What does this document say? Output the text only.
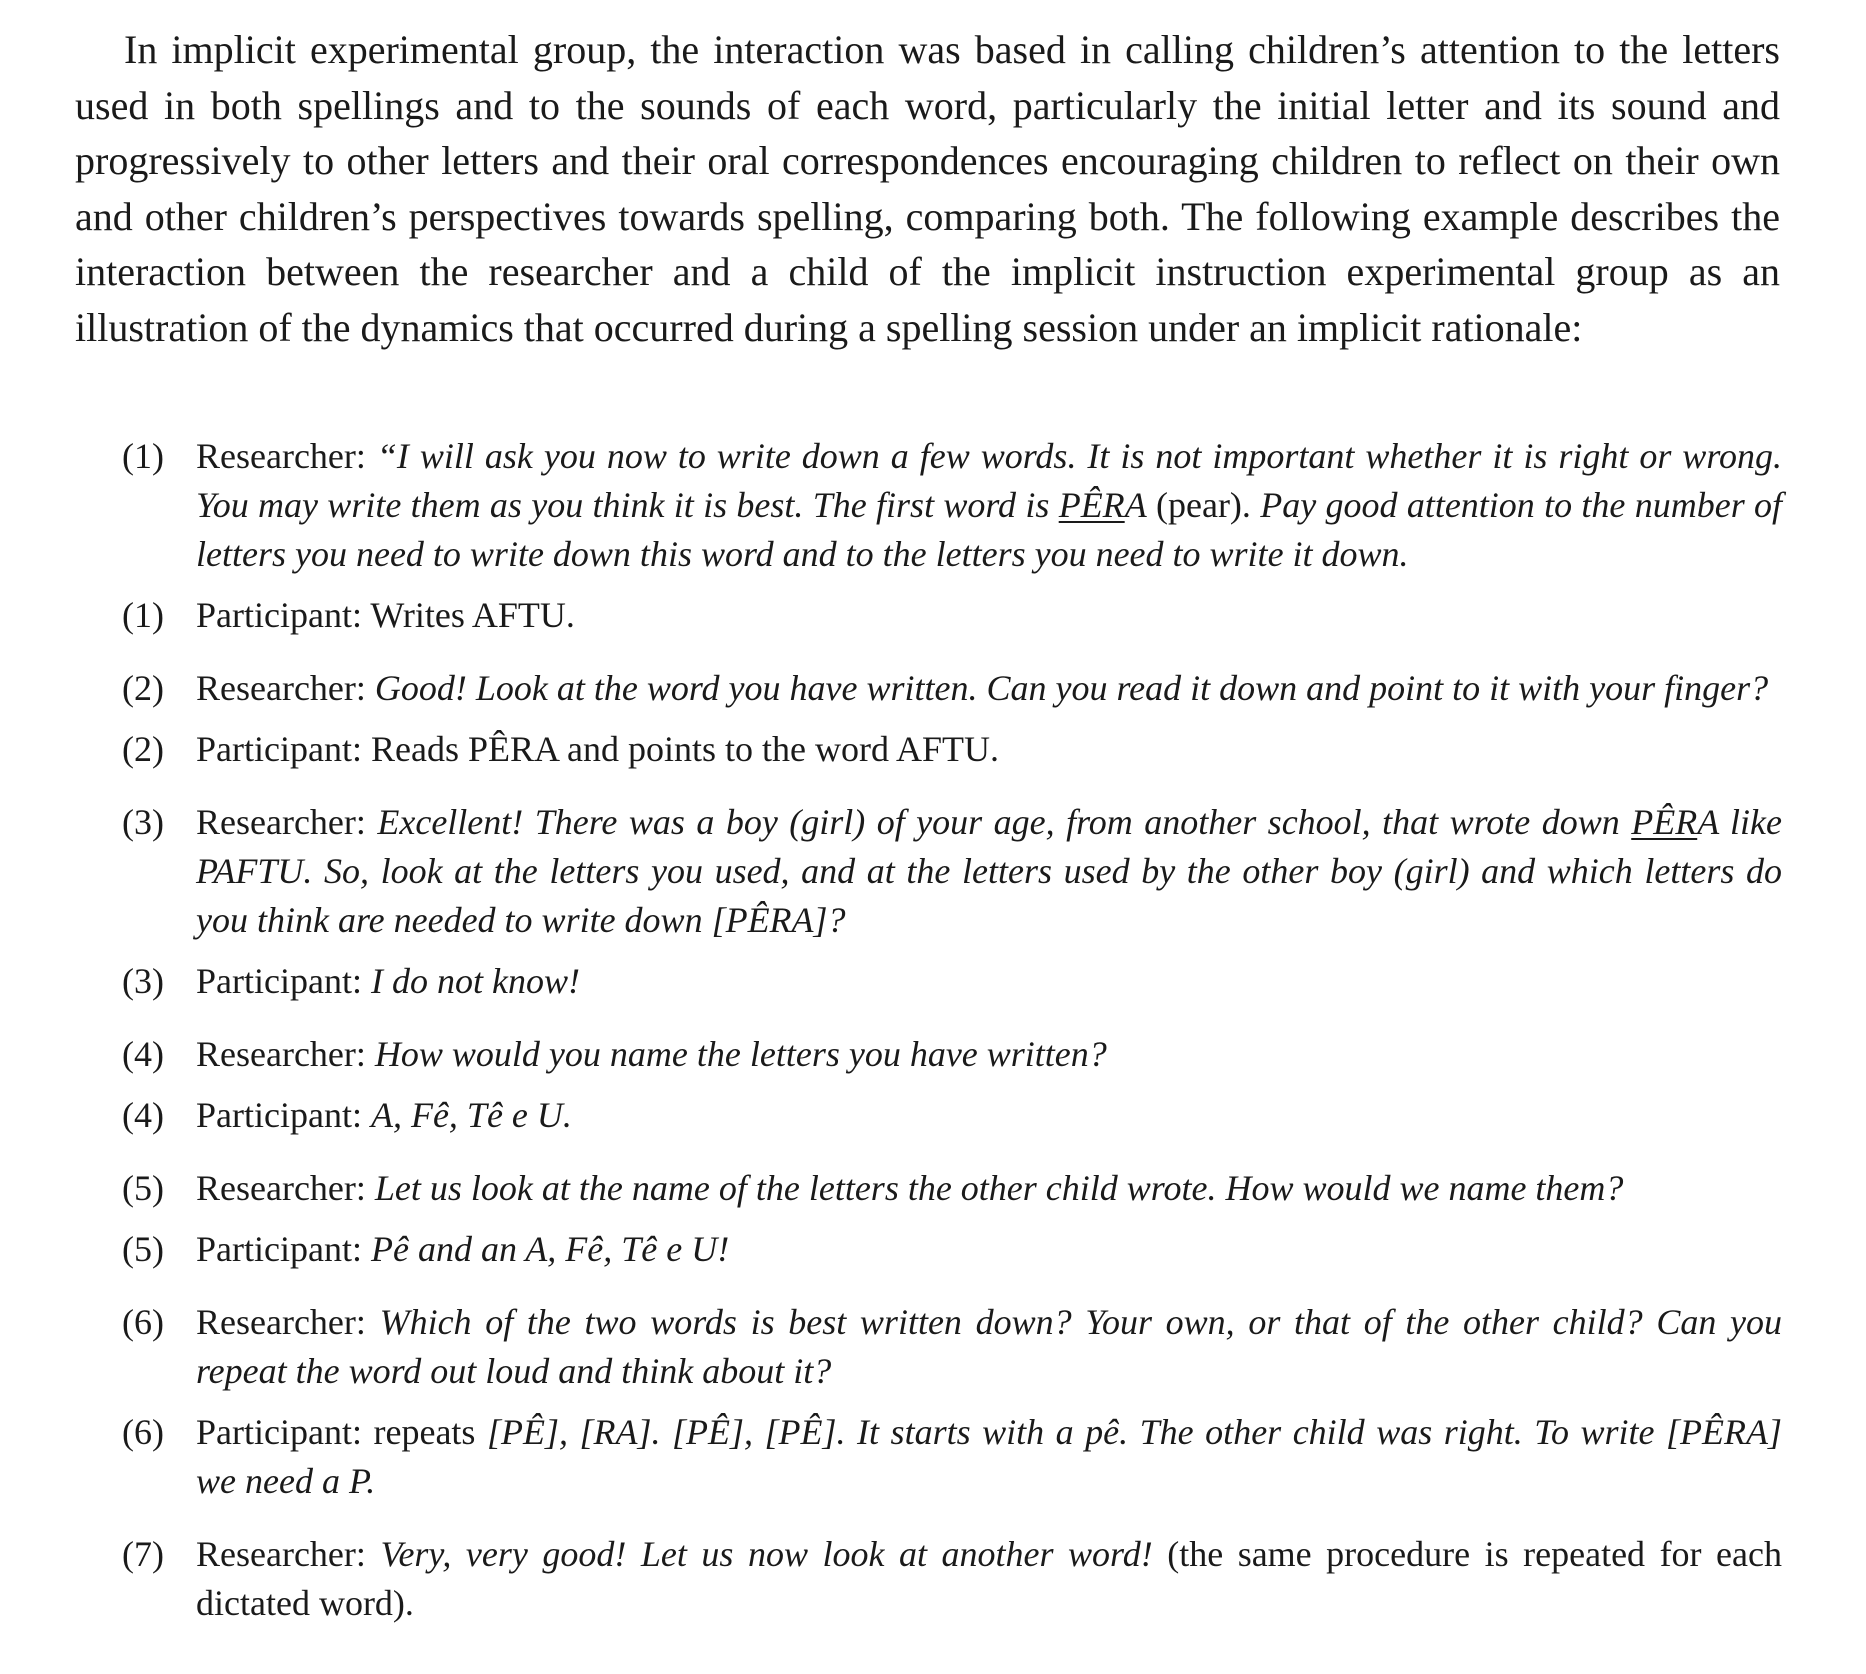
In implicit experimental group, the interaction was based in calling children’s attention to the letters used in both spellings and to the sounds of each word, particularly the initial letter and its sound and progressively to other letters and their oral correspondences encouraging children to reflect on their own and other children’s perspectives towards spelling, comparing both. The following example describes the interaction between the researcher and a child of the implicit instruction experimental group as an illustration of the dynamics that occurred during a spelling session under an implicit rationale:

(1) Researcher: “I will ask you now to write down a few words. It is not important whether it is right or wrong. You may write them as you think it is best. The first word is PÊRA (pear). Pay good attention to the number of letters you need to write down this word and to the letters you need to write it down.
(1) Participant: Writes AFTU.
(2) Researcher: Good! Look at the word you have written. Can you read it down and point to it with your finger?
(2) Participant: Reads PÊRA and points to the word AFTU.
(3) Researcher: Excellent! There was a boy (girl) of your age, from another school, that wrote down PÊRA like PAFTU. So, look at the letters you used, and at the letters used by the other boy (girl) and which letters do you think are needed to write down [PÊRA]?
(3) Participant: I do not know!
(4) Researcher: How would you name the letters you have written?
(4) Participant: A, Fê, Tê e U.
(5) Researcher: Let us look at the name of the letters the other child wrote. How would we name them?
(5) Participant: Pê and an A, Fê, Tê e U!
(6) Researcher: Which of the two words is best written down? Your own, or that of the other child? Can you repeat the word out loud and think about it?
(6) Participant: repeats [PÊ], [RA]. [PÊ], [PÊ]. It starts with a pê. The other child was right. To write [PÊRA] we need a P.
(7) Researcher: Very, very good! Let us now look at another word! (the same procedure is repeated for each dictated word).
